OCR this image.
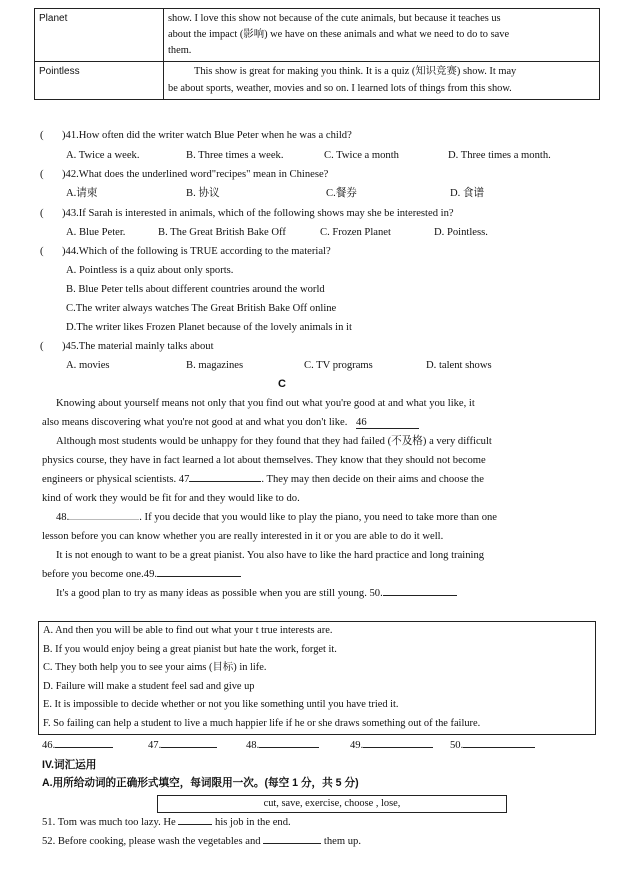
Planet	show. I love this show not because of the cute animals, but because it teaches us
about the impact (影响) we have on these animals and what we need to do to save
them.

Pointless	This show is great for making you think. It is a quiz (知识竞赛) show. It may
be about sports, weather, movies and so on. I learned lots of things from this show.
( )41.How often did the writer watch Blue Peter when he was a child?
A. Twice a week.	B. Three times a week.	C. Twice a month	D. Three times a month.
( )42.What does the underlined word"recipes" mean in Chinese?
A.请柬	B. 协议	C.餐券	D. 食谱
( )43.If Sarah is interested in animals, which of the following shows may she be interested in?
A. Blue Peter.	B. The Great British Bake Off	C. Frozen Planet	D. Pointless.
( )44.Which of the following is TRUE according to the material?
A. Pointless is a quiz about only sports.
B. Blue Peter tells about different countries around the world
C.The writer always watches The Great British Bake Off online
D.The writer likes Frozen Planet because of the lovely animals in it
( )45.The material mainly talks about
A. movies	B. magazines	C. TV programs	D. talent shows
C
Knowing about yourself means not only that you find out what you're good at and what you like, it
also means discovering what you're not good at and what you don't like. 46
Although most students would be unhappy for they found that they had failed (不及格) a very difficult
physics course, they have in fact learned a lot about themselves. They know that they should not become
engineers or physical scientists. 47	. They may then decide on their aims and choose the
kind of work they would be fit for and they would like to do.
48.	. If you decide that you would like to play the piano, you need to take more than one
lesson before you can know whether you are really interested in it or you are able to do it well.
It is not enough to want to be a great pianist. You also have to like the hard practice and long training
before you become one.49.
It's a good plan to try as many ideas as possible when you are still young. 50.
A. And then you will be able to find out what your t true interests are.
B. If you would enjoy being a great pianist but hate the work, forget it.
C. They both help you to see your aims (目标) in life.
D. Failure will make a student feel sad and give up
E. It is impossible to decide whether or not you like something until you have tried it.
F. So failing can help a student to live a much happier life if he or she draws something out of the failure.
46.	47.	48.	49.	50.
IV.词汇运用
A.用所给动词的正确形式填空，每词限用一次。(每空 1 分，共 5 分)
cut, save, exercise, choose , lose,
51. Tom was much too lazy. He	his job in the end.
52. Before cooking, please wash the vegetables and	them up.
